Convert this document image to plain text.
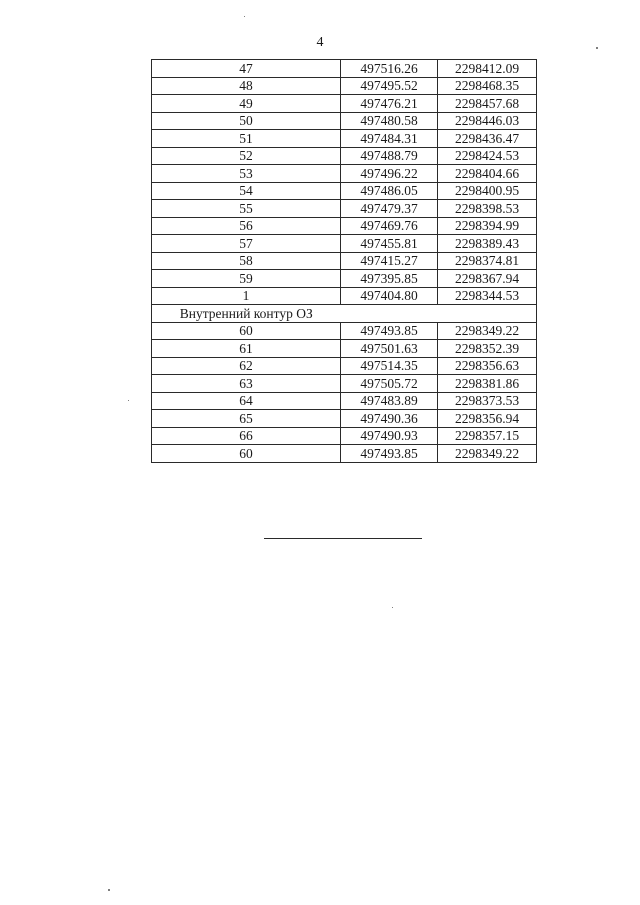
4
47	497516.26	2298412.09
48	497495.52	2298468.35
49	497476.21	2298457.68
50	497480.58	2298446.03
51	497484.31	2298436.47
52	497488.79	2298424.53
53	497496.22	2298404.66
54	497486.05	2298400.95
55	497479.37	2298398.53
56	497469.76	2298394.99
57	497455.81	2298389.43
58	497415.27	2298374.81
59	497395.85	2298367.94
1	497404.80	2298344.53
Внутренний контур ОЗ		
60	497493.85	2298349.22
61	497501.63	2298352.39
62	497514.35	2298356.63
63	497505.72	2298381.86
64	497483.89	2298373.53
65	497490.36	2298356.94
66	497490.93	2298357.15
60	497493.85	2298349.22
